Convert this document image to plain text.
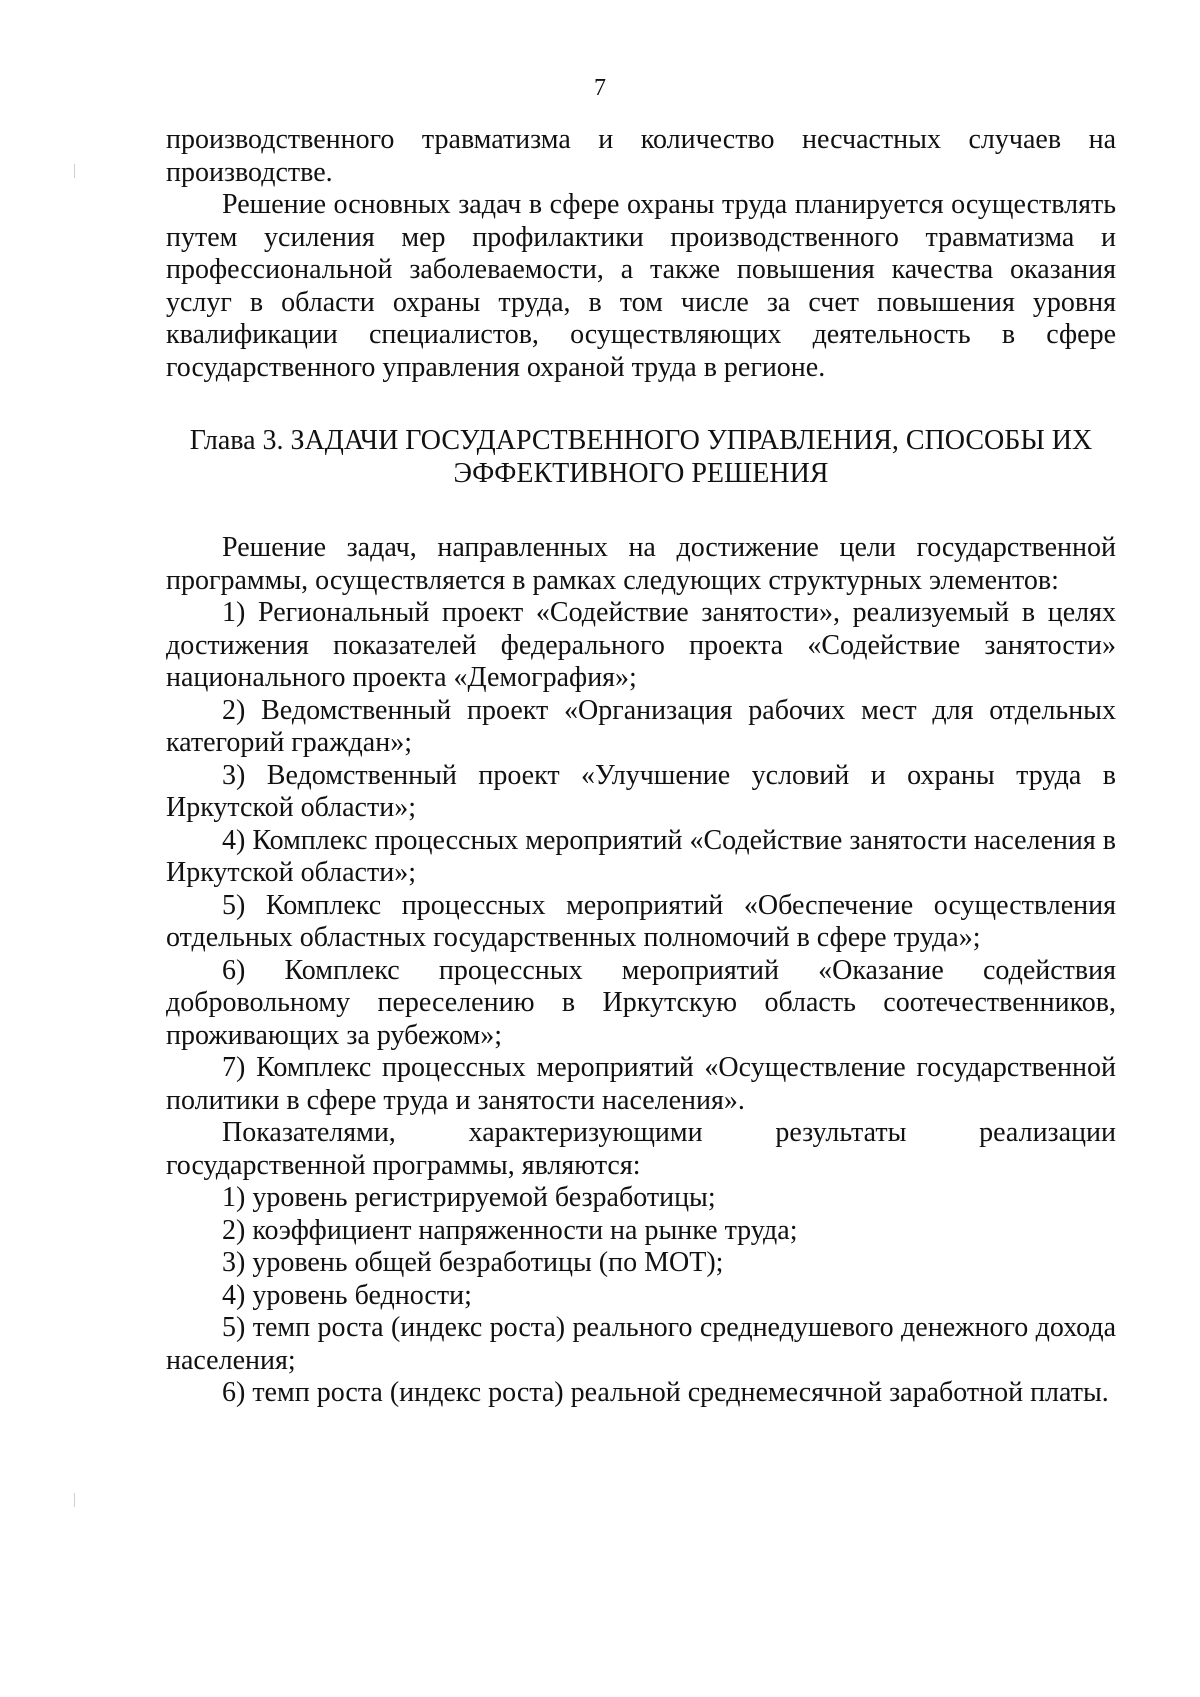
7

производственного травматизма и количество несчастных случаев на производстве.

Решение основных задач в сфере охраны труда планируется осуществлять путем усиления мер профилактики производственного травматизма и профессиональной заболеваемости, а также повышения качества оказания услуг в области охраны труда, в том числе за счет повышения уровня квалификации специалистов, осуществляющих деятельность в сфере государственного управления охраной труда в регионе.

Глава 3. ЗАДАЧИ ГОСУДАРСТВЕННОГО УПРАВЛЕНИЯ, СПОСОБЫ ИХ
ЭФФЕКТИВНОГО РЕШЕНИЯ

Решение задач, направленных на достижение цели государственной программы, осуществляется в рамках следующих структурных элементов:

1) Региональный проект «Содействие занятости», реализуемый в целях достижения показателей федерального проекта «Содействие занятости» национального проекта «Демография»;

2) Ведомственный проект «Организация рабочих мест для отдельных категорий граждан»;

3) Ведомственный проект «Улучшение условий и охраны труда в Иркутской области»;

4) Комплекс процессных мероприятий «Содействие занятости населения в Иркутской области»;

5) Комплекс процессных мероприятий «Обеспечение осуществления отдельных областных государственных полномочий в сфере труда»;

6) Комплекс процессных мероприятий «Оказание содействия добровольному переселению в Иркутскую область соотечественников, проживающих за рубежом»;

7) Комплекс процессных мероприятий «Осуществление государственной политики в сфере труда и занятости населения».

Показателями, характеризующими результаты реализации государственной программы, являются:

1) уровень регистрируемой безработицы;

2) коэффициент напряженности на рынке труда;

3) уровень общей безработицы (по МОТ);

4) уровень бедности;

5) темп роста (индекс роста) реального среднедушевого денежного дохода населения;

6) темп роста (индекс роста) реальной среднемесячной заработной платы.
